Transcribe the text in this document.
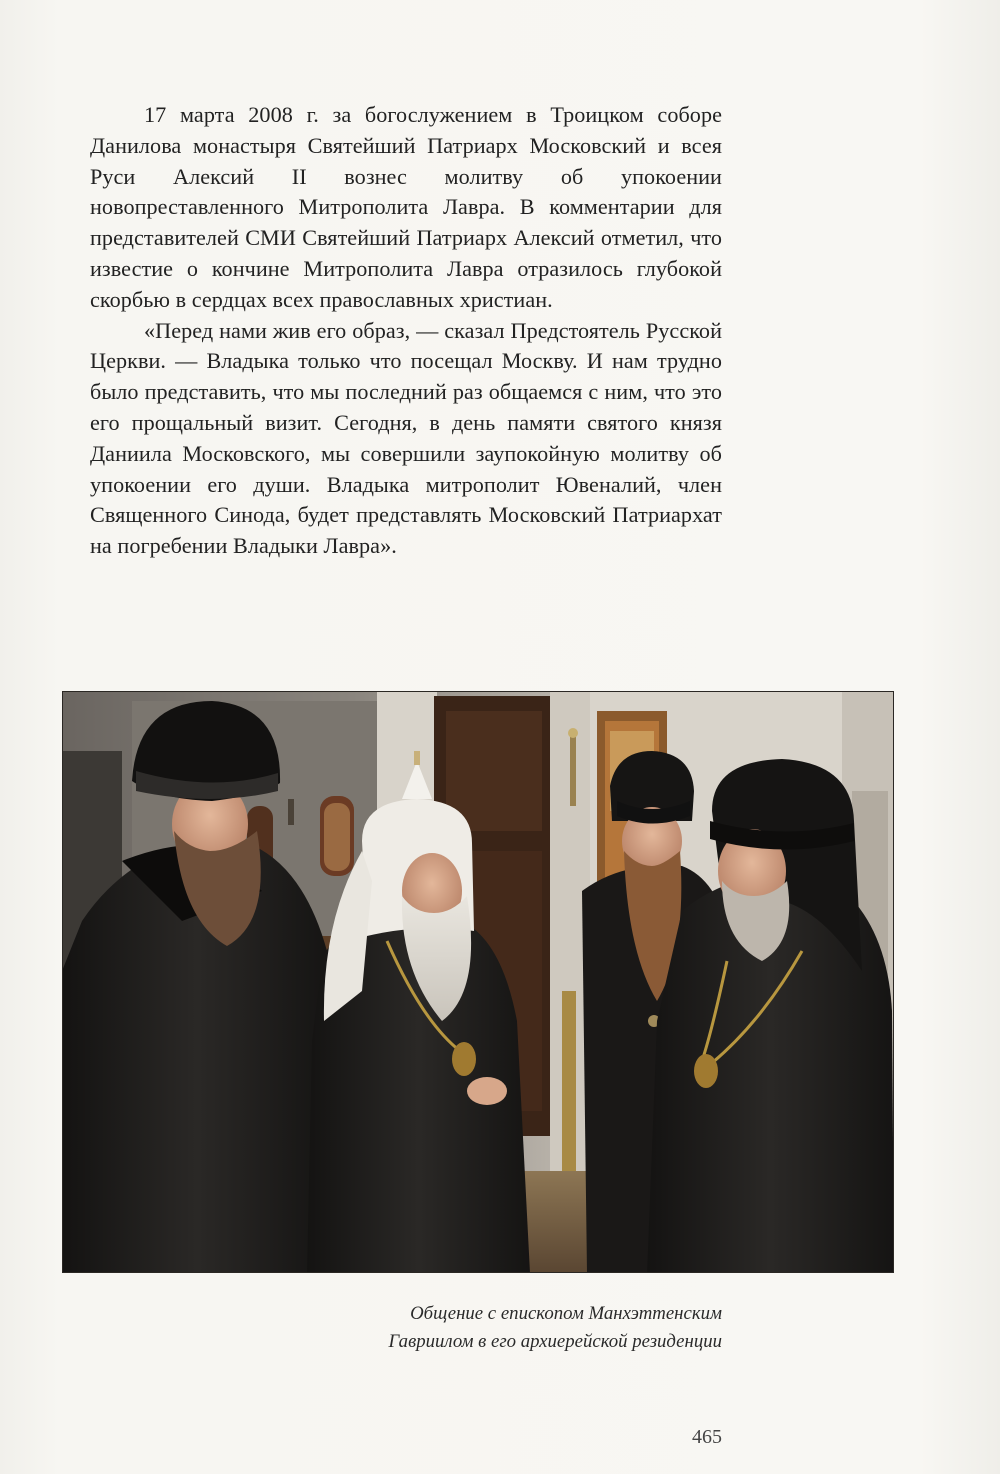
17 марта 2008 г. за богослужением в Троицком соборе Данилова монастыря Святейший Патриарх Московский и всея Руси Алексий II вознес молитву об упокоении новопреставленного Митрополита Лавра. В комментарии для представителей СМИ Святейший Патриарх Алексий отметил, что известие о кончине Митрополита Лавра отразилось глубокой скорбью в сердцах всех православных христиан.

«Перед нами жив его образ, — сказал Предстоятель Русской Церкви. — Владыка только что посещал Москву. И нам трудно было представить, что мы последний раз общаемся с ним, что это его прощальный визит. Сегодня, в день памяти святого князя Даниила Московского, мы совершили заупокойную молитву об упокоении его души. Владыка митрополит Ювеналий, член Священного Синода, будет представлять Московский Патриархат на погребении Владыки Лавра».

Общение с епископом Манхэттенским
Гавриилом в его архиерейской резиденции
465
